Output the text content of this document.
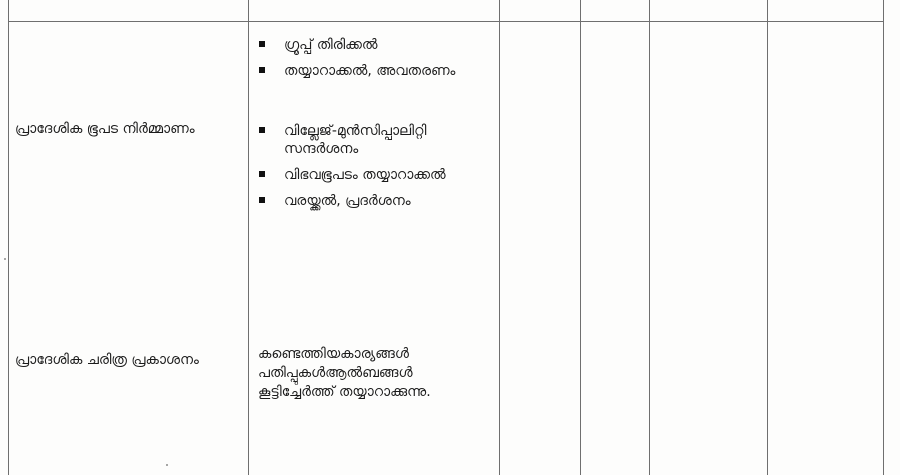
പ്രാദേശിക ഭൂപട നിർമ്മാണം
ഗ്രൂപ്പ് തിരിക്കൽ
തയ്യാറാക്കൽ, അവതരണം
വില്ലേജ്-മുൻസിപ്പാലിറ്റി സന്ദർശനം
വിഭവഭൂപടം തയ്യാറാക്കൽ
വരയ്ക്കൽ, പ്രദർശനം
പ്രാദേശിക ചരിത്ര പ്രകാശനം	കണ്ടെത്തിയകാര്യങ്ങൾ
പതിപ്പുകൾആൽബങ്ങൾ
കൂട്ടിച്ചേർത്ത് തയ്യാറാക്കുന്നു.
